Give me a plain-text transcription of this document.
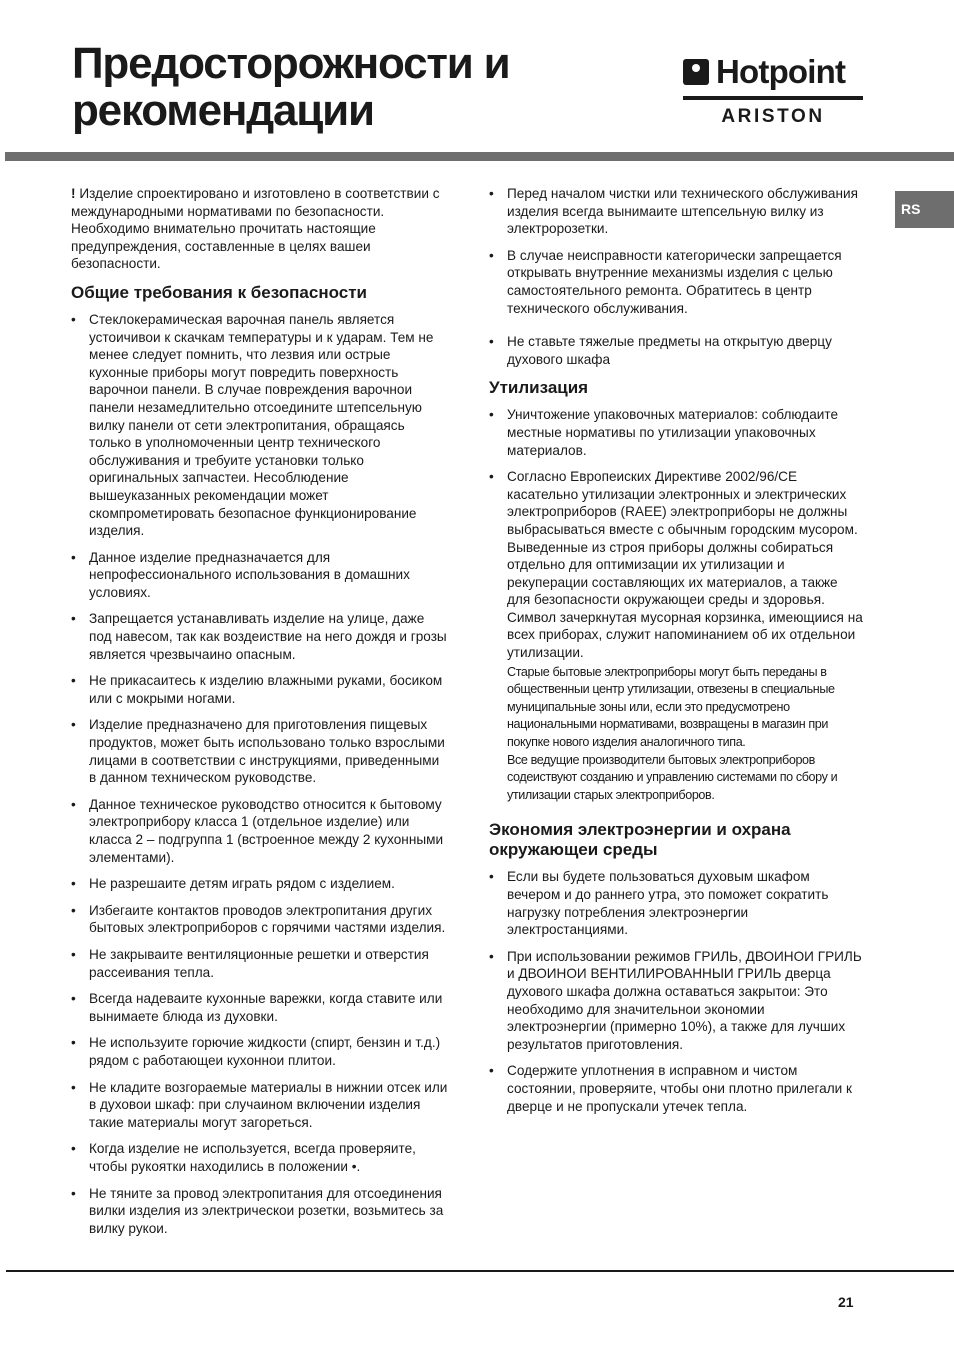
Предосторожности и
рекомендации
Hotpoint
ARISTON
RS

! Изделие спроектировано и изготовлено в соответствии с международными нормативами по безопасности. Необходимо внимательно прочитать настоящие предупреждения, составленные в целях вашеи безопасности.

Общие требования к безопасности
• Стеклокерамическая варочная панель является устоичивои к скачкам температуры и к ударам. Тем не менее следует помнить, что лезвия или острые кухонные приборы могут повредить поверхность варочнои панели. В случае повреждения варочнои панели незамедлительно отсоедините штепсельную вилку панели от сети электропитания, обращаясь только в уполномоченныи центр технического обслуживания и требуите установки только оригинальных запчастеи. Несоблюдение вышеуказанных рекомендации может скомпрометировать безопасное функционирование изделия.
• Данное изделие предназначается для непрофессионального использования в домашних условиях.
• Запрещается устанавливать изделие на улице, даже под навесом, так как воздеиствие на него дождя и грозы является чрезвычаино опасным.
• Не прикасаитесь к изделию влажными руками, босиком или с мокрыми ногами.
• Изделие предназначено для приготовления пищевых продуктов, может быть использовано только взрослыми лицами в соответствии с инструкциями, приведенными в данном техническом руководстве.
• Данное техническое руководство относится к бытовому электроприбору класса 1 (отдельное изделие) или класса 2 – подгруппа 1 (встроенное между 2 кухонными элементами).
• Не разрешаите детям играть рядом с изделием.
• Избегаите контактов проводов электропитания других бытовых электроприборов с горячими частями изделия.
• Не закрываите вентиляционные решетки и отверстия рассеивания тепла.
• Всегда надеваите кухонные варежки, когда ставите или вынимаете блюда из духовки.
• Не используите горючие жидкости (спирт, бензин и т.д.) рядом с работающеи кухоннои плитои.
• Не кладите возгораемые материалы в нижнии отсек или в духовои шкаф: при случаином включении изделия такие материалы могут загореться.
• Когда изделие не используется, всегда проверяите, чтобы рукоятки находились в положении •.
• Не тяните за провод электропитания для отсоединения вилки изделия из электрическои розетки, возьмитесь за вилку рукои.
• Перед началом чистки или технического обслуживания изделия всегда вынимаите штепсельную вилку из электророзетки.
• В случае неисправности категорически запрещается открывать внутренние механизмы изделия с целью самостоятельного ремонта. Обратитесь в центр технического обслуживания.
• Не ставьте тяжелые предметы на открытую дверцу духового шкафа
Утилизация
• Уничтожение упаковочных материалов: соблюдаите местные нормативы по утилизации упаковочных материалов.
• Согласно Европеиских Директиве 2002/96/CE касательно утилизации электронных и электрических электроприборов (RAEE) электроприборы не должны выбрасываться вместе с обычным городским мусором. Выведенные из строя приборы должны собираться отдельно для оптимизации их утилизации и рекуперации составляющих их материалов, а также для безопасности окружающеи среды и здоровья. Символ зачеркнутая мусорная корзинка, имеющиися на всех приборах, служит напоминанием об их отдельнои утилизации.

Старые бытовые электроприборы могут быть переданы в общественныи центр утилизации, отвезены в специальные муниципальные зоны или, если это предусмотрено национальными нормативами, возвращены в магазин при покупке нового изделия аналогичного типа.

Все ведущие производители бытовых электроприборов содеиствуют созданию и управлению системами по сбору и утилизации старых электроприборов.

Экономия электроэнергии и охрана окружающеи среды
• Если вы будете пользоваться духовым шкафом вечером и до раннего утра, это поможет сократить нагрузку потребления электроэнергии электростанциями.
• При использовании режимов ГРИЛЬ, ДВОИНОИ ГРИЛЬ и ДВОИНОИ ВЕНТИЛИРОВАННЫИ ГРИЛЬ дверца духового шкафа должна оставаться закрытои: Это необходимо для значительнои экономии электроэнергии (примерно 10%), а также для лучших результатов приготовления.
• Содержите уплотнения в исправном и чистом состоянии, проверяите, чтобы они плотно прилегали к дверце и не пропускали утечек тепла.
21
